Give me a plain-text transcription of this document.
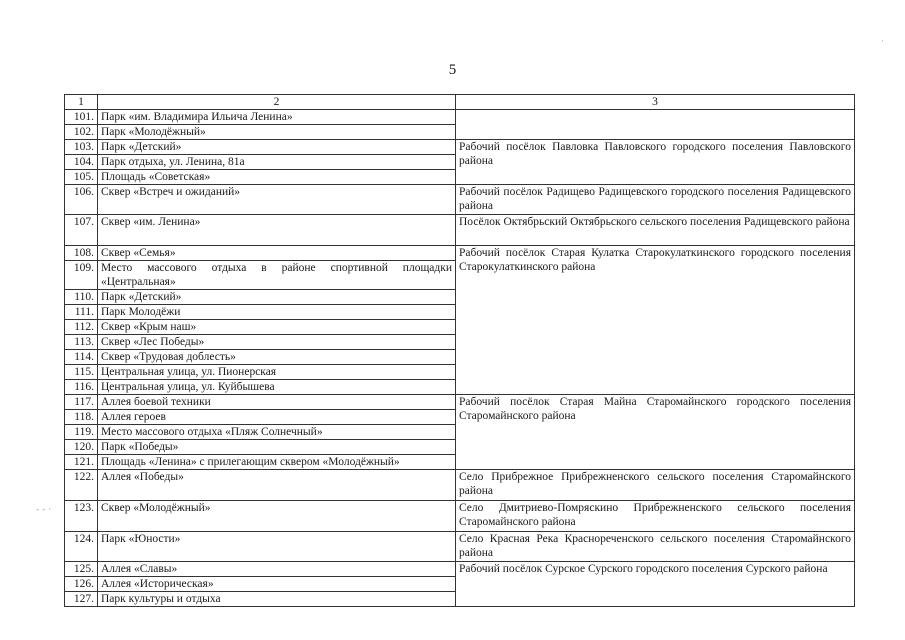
5
·
‐ ‐ ·
1	2	3
101.	Парк «им. Владимира Ильича Ленина»	
102.	Парк «Молодёжный»	
103.	Парк «Детский»	Рабочий посёлок Павловка Павловского городского поселения Павловского района
104.	Парк отдыха, ул. Ленина, 81а	
105.	Площадь «Советская»	
106.	Сквер «Встреч и ожиданий»	Рабочий посёлок Радищево Радищевского городского поселения Радищевского района
107.	Сквер «им. Ленина»	Посёлок Октябрьский Октябрьского сельского поселения Радищевского района
108.	Сквер «Семья»	Рабочий посёлок Старая Кулатка Старокулаткинского городского поселения Старокулаткинского района
109.	Место массового отдыха в районе спортивной площадки «Центральная»	
110.	Парк «Детский»	
111.	Парк Молодёжи	
112.	Сквер «Крым наш»	
113.	Сквер «Лес Победы»	
114.	Сквер «Трудовая доблесть»	
115.	Центральная улица, ул. Пионерская	
116.	Центральная улица, ул. Куйбышева	
117.	Аллея боевой техники	Рабочий посёлок Старая Майна Старомайнского городского поселения Старомайнского района
118.	Аллея героев	
119.	Место массового отдыха «Пляж Солнечный»	
120.	Парк «Победы»	
121.	Площадь «Ленина» с прилегающим сквером «Молодёжный»	
122.	Аллея «Победы»	Село Прибрежное Прибрежненского сельского поселения Старомайнского района
123.	Сквер «Молодёжный»	Село Дмитриево-Помряскино Прибрежненского сельского поселения Старомайнского района
124.	Парк «Юности»	Село Красная Река Краснореченского сельского поселения Старомайнского района
125.	Аллея «Славы»	Рабочий посёлок Сурское Сурского городского поселения Сурского района
126.	Аллея «Историческая»	
127.	Парк культуры и отдыха	
